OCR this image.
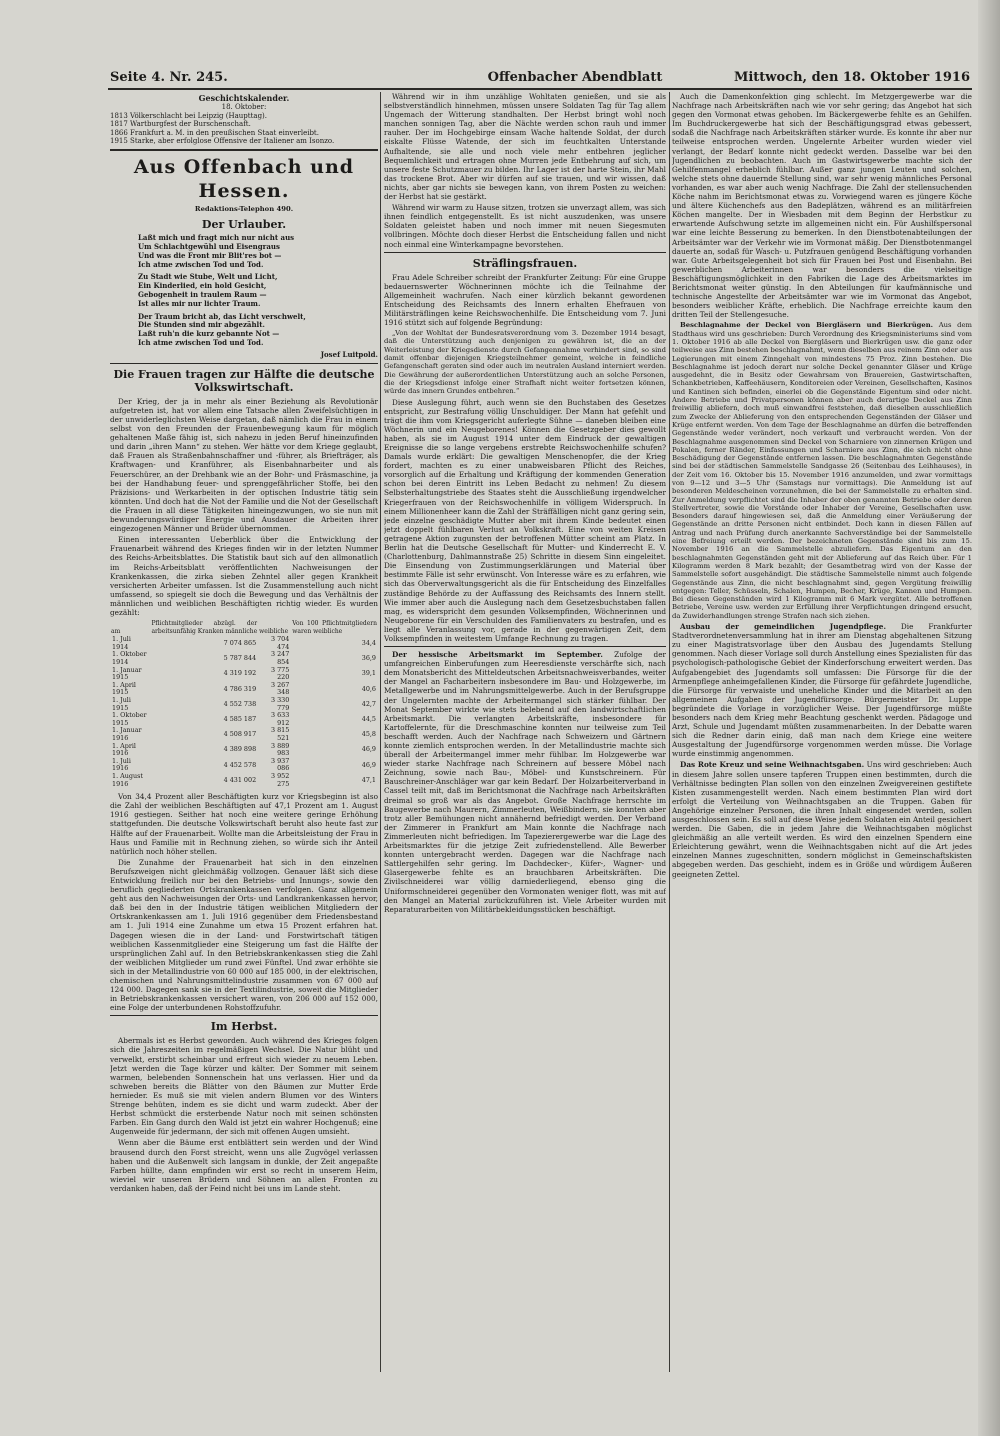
Seite 4. Nr. 245.	Offenbacher Abendblatt	Mittwoch, den 18. Oktober 1916
Geschichtskalender.
18. Oktober:
1813 Völkerschlacht bei Leipzig (Haupttag).
1817 Wartburgfest der Burschenschaft.
1866 Frankfurt a. M. in den preußischen Staat einverleibt.
1915 Starke, aber erfolglose Offensive der Italiener am Isonzo.
Aus Offenbach und Hessen.
Redaktions-Telephon 490.
Der Urlauber.
Laßt mich und fragt mich nur nicht aus
Um Schlachtgewühl und Eisengraus
Und was die Front mir Blit'res bot —
Ich atme zwischen Tod und Tod.
Zu Stadt wie Stube, Welt und Licht,
Ein Kinderlied, ein hold Gesicht,
Gebogenheit in traulem Raum —
Ist alles mir nur lichter Traum.
Der Traum bricht ab, das Licht verschwelt,
Die Stunden sind mir abgezählt.
Laßt ruh'n die kurz gebannte Not —
Ich atme zwischen Tod und Tod.
Josef Luitpold.
Die Frauen tragen zur Hälfte die deutsche Volkswirtschaft.

Der Krieg, der ja in mehr als einer Beziehung als Revolutionär aufgetreten ist, hat vor allem eine Tatsache allen Zweifelsüchtigen in der unwiderleglichsten Weise dargetan, daß nämlich die Frau in einem selbst von den Freunden der Frauenbewegung kaum für möglich gehaltenen Maße fähig ist, sich nahezu in jeden Beruf hineinzufinden und darin „ihren Mann“ zu stehen. Wer hätte vor dem Kriege geglaubt, daß Frauen als Straßenbahnschaffner und -führer, als Briefträger, als Kraftwagen- und Kranführer, als Eisenbahnarbeiter und als Feuerschürer, an der Drehbank wie an der Bohr- und Fräsmaschine, ja bei der Handhabung feuer- und sprenggefährlicher Stoffe, bei den Präzisions- und Werkarbeiten in der optischen Industrie tätig sein könnten. Und doch hat die Not der Familie und die Not der Gesellschaft die Frauen in all diese Tätigkeiten hineingezwungen, wo sie nun mit bewunderungswürdiger Energie und Ausdauer die Arbeiten ihrer eingezogenen Männer und Brüder übernommen.

Einen interessanten Ueberblick über die Entwicklung der Frauenarbeit während des Krieges finden wir in der letzten Nummer des Reichs-Arbeitsblattes. Die Statistik baut sich auf den allmonatlich im Reichs-Arbeitsblatt veröffentlichten Nachweisungen der Krankenkassen, die zirka sieben Zehntel aller gegen Krankheit versicherten Arbeiter umfassen. Ist die Zusammenstellung auch nicht umfassend, so spiegelt sie doch die Bewegung und das Verhältnis der männlichen und weiblichen Beschäftigten richtig wieder. Es wurden gezählt:

am	Pflichtmitglieder abzügl. der arbeitsunfähig Kranken männliche	weibliche	Von 100 Pflichtmitgliedern waren weibliche
1. Juli 1914	7 074 865	3 704 474	34,4
1. Oktober 1914	5 787 844	3 247 854	36,9
1. Januar 1915	4 319 192	3 775 220	39,1
1. April 1915	4 786 319	3 267 348	40,6
1. Juli 1915	4 552 738	3 330 779	42,7
1. Oktober 1915	4 585 187	3 633 912	44,5
1. Januar 1916	4 508 917	3 815 521	45,8
1. April 1916	4 389 898	3 889 983	46,9
1. Juli 1916	4 452 578	3 937 086	46,9
1. August 1916	4 431 002	3 952 275	47,1

Von 34,4 Prozent aller Beschäftigten kurz vor Kriegsbeginn ist also die Zahl der weiblichen Beschäftigten auf 47,1 Prozent am 1. August 1916 gestiegen. Seither hat noch eine weitere geringe Erhöhung stattgefunden. Die deutsche Volkswirtschaft beruht also heute fast zur Hälfte auf der Frauenarbeit. Wollte man die Arbeitsleistung der Frau in Haus und Familie mit in Rechnung ziehen, so würde sich ihr Anteil natürlich noch höher stellen.

Die Zunahme der Frauenarbeit hat sich in den einzelnen Berufszweigen nicht gleichmäßig vollzogen. Genauer läßt sich diese Entwicklung freilich nur bei den Betriebs- und Innungs-, sowie den beruflich gegliederten Ortskrankenkassen verfolgen. Ganz allgemein geht aus den Nachweisungen der Orts- und Landkrankenkassen hervor, daß bei den in der Industrie tätigen weiblichen Mitgliedern der Ortskrankenkassen am 1. Juli 1916 gegenüber dem Friedensbestand am 1. Juli 1914 eine Zunahme um etwa 15 Prozent erfahren hat. Dagegen wiesen die in der Land- und Forstwirtschaft tätigen weiblichen Kassenmitglieder eine Steigerung um fast die Hälfte der ursprünglichen Zahl auf. In den Betriebskrankenkassen stieg die Zahl der weiblichen Mitglieder um rund zwei Fünftel. Und zwar erhöhte sie sich in der Metallindustrie von 60 000 auf 185 000, in der elektrischen, chemischen und Nahrungsmittelindustrie zusammen von 67 000 auf 124 000. Dagegen sank sie in der Textilindustrie, soweit die Mitglieder in Betriebskrankenkassen versichert waren, von 206 000 auf 152 000, eine Folge der unterbundenen Rohstoffzufuhr.

Im Herbst.

Abermals ist es Herbst geworden. Auch während des Krieges folgen sich die Jahreszeiten im regelmäßigen Wechsel. Die Natur blüht und verwelkt, erstirbt scheinbar und erfreut sich wieder zu neuem Leben. Jetzt werden die Tage kürzer und kälter. Der Sommer mit seinem warmen, belebenden Sonnenschein hat uns verlassen. Hier und da schweben bereits die Blätter von den Bäumen zur Mutter Erde hernieder. Es muß sie mit vielen andern Blumen vor des Winters Strenge behüten, indem es sie dicht und warm zudeckt. Aber der Herbst schmückt die ersterbende Natur noch mit seinen schönsten Farben. Ein Gang durch den Wald ist jetzt ein wahrer Hochgenuß; eine Augenweide für jedermann, der sich mit offenen Augen umsieht.

Wenn aber die Bäume erst entblättert sein werden und der Wind brausend durch den Forst streicht, wenn uns alle Zugvögel verlassen haben und die Außenwelt sich langsam in dunkle, der Zeit angepaßte Farben hüllte, dann empfinden wir erst so recht in unserem Heim, wieviel wir unseren Brüdern und Söhnen an allen Fronten zu verdanken haben, daß der Feind nicht bei uns im Lande steht.

Während wir in ihm unzählige Wohltaten genießen, und sie als selbstverständlich hinnehmen, müssen unsere Soldaten Tag für Tag allem Ungemach der Witterung standhalten. Der Herbst bringt wohl noch manchen sonnigen Tag, aber die Nächte werden schon rauh und immer rauher. Der im Hochgebirge einsam Wache haltende Soldat, der durch eiskalte Flüsse Watende, der sich im feuchtkalten Unterstande Aufhaltende, sie alle und noch viele mehr entbehren jeglicher Bequemlichkeit und ertragen ohne Murren jede Entbehrung auf sich, um unsere feste Schutzmauer zu bilden. Ihr Lager ist der harte Stein, ihr Mahl das trockene Brot. Aber wir dürfen auf sie trauen, und wir wissen, daß nichts, aber gar nichts sie bewegen kann, von ihrem Posten zu weichen: der Herbst hat sie gestärkt.

Während wir warm zu Hause sitzen, trotzen sie unverzagt allem, was sich ihnen feindlich entgegenstellt. Es ist nicht auszudenken, was unsere Soldaten geleistet haben und noch immer mit neuen Siegesmuten vollbringen. Möchte doch dieser Herbst die Entscheidung fallen und nicht noch einmal eine Winterkampagne bevorstehen.

Sträflingsfrauen.

Frau Adele Schreiber schreibt der Frankfurter Zeitung: Für eine Gruppe bedauernswerter Wöchnerinnen möchte ich die Teilnahme der Allgemeinheit wachrufen. Nach einer kürzlich bekannt gewordenen Entscheidung des Reichsamts des Innern erhalten Ehefrauen von Militärsträflingen keine Reichswochenhilfe. Die Entscheidung vom 7. Juni 1916 stützt sich auf folgende Begründung:

„Von der Wohltat der Bundesratsverordnung vom 3. Dezember 1914 besagt, daß die Unterstützung auch denjenigen zu gewähren ist, die an der Weiterleistung der Kriegsdienste durch Gefangennahme verhindert sind, so sind damit offenbar diejenigen Kriegsteilnehmer gemeint, welche in feindliche Gefangenschaft geraten sind oder auch im neutralen Ausland interniert werden. Die Gewährung der außerordentlichen Unterstützung auch an solche Personen, die der Kriegsdienst infolge einer Strafhaft nicht weiter fortsetzen können, würde das innern Grundes entbehren.“

Diese Auslegung führt, auch wenn sie den Buchstaben des Gesetzes entspricht, zur Bestrafung völlig Unschuldiger. Der Mann hat gefehlt und trägt die ihm vom Kriegsgericht auferlegte Sühne — daneben bleiben eine Wöchnerin und ein Neugeborenes! Können die Gesetzgeber dies gewollt haben, als sie im August 1914 unter dem Eindruck der gewaltigen Ereignisse die so lange vergebens erstrebte Reichswochenhilfe schufen? Damals wurde erklärt: Die gewaltigen Menschenopfer, die der Krieg fordert, machten es zu einer unabweisbaren Pflicht des Reiches, vorsorglich auf die Erhaltung und Kräftigung der kommenden Generation schon bei deren Eintritt ins Leben Bedacht zu nehmen! Zu diesem Selbsterhaltungstriebe des Staates steht die Ausschließung irgendwelcher Kriegerfrauen von der Reichswochenhilfe in völligem Widerspruch. In einem Millionenheer kann die Zahl der Sträffälligen nicht ganz gering sein, jede einzelne geschädigte Mutter aber mit ihrem Kinde bedeutet einen jetzt doppelt fühlbaren Verlust an Volkskraft. Eine von weiten Kreisen getragene Aktion zugunsten der betroffenen Mütter scheint am Platz. In Berlin hat die Deutsche Gesellschaft für Mutter- und Kinderrecht E. V. (Charlottenburg, Dahlmannstraße 25) Schritte in diesem Sinn eingeleitet. Die Einsendung von Zustimmungserklärungen und Material über bestimmte Fälle ist sehr erwünscht. Von Interesse wäre es zu erfahren, wie sich das Oberverwaltungsgericht als die für Entscheidung des Einzelfalles zuständige Behörde zu der Auffassung des Reichsamts des Innern stellt. Wie immer aber auch die Auslegung nach dem Gesetzesbuchstaben fallen mag, es widerspricht dem gesunden Volksempfinden, Wöchnerinnen und Neugeborene für ein Verschulden des Familienvaters zu bestrafen, und es liegt alle Veranlassung vor, gerade in der gegenwärtigen Zeit, dem Volksempfinden in weitestem Umfange Rechnung zu tragen.

Der hessische Arbeitsmarkt im September. Zufolge der umfangreichen Einberufungen zum Heeresdienste verschärfte sich, nach dem Monatsbericht des Mitteldeutschen Arbeitsnachweisverbandes, weiter der Mangel an Facharbeitern insbesondere im Bau- und Holzgewerbe, im Metallgewerbe und im Nahrungsmittelgewerbe. Auch in der Berufsgruppe der Ungelernten machte der Arbeitermangel sich stärker fühlbar. Der Monat September wirkte wie stets belebend auf den landwirtschaftlichen Arbeitsmarkt. Die verlangten Arbeitskräfte, insbesondere für Kartoffelernte, für die Dreschmaschine konnten nur teilweise zum Teil beschafft werden. Auch der Nachfrage nach Schweizern und Gärtnern konnte ziemlich entsprochen werden. In der Metallindustrie machte sich überall der Arbeitermangel immer mehr fühlbar. Im Holzgewerbe war wieder starke Nachfrage nach Schreinern auf bessere Möbel nach Zeichnung, sowie nach Bau-, Möbel- und Kunstschreinern. Für Bauschreiner-Anschläger war gar kein Bedarf. Der Holzarbeiterverband in Cassel teilt mit, daß im Berichtsmonat die Nachfrage nach Arbeitskräften dreimal so groß war als das Angebot. Große Nachfrage herrschte im Baugewerbe nach Maurern, Zimmerleuten, Weißbindern, sie konnten aber trotz aller Bemühungen nicht annähernd befriedigt werden. Der Verband der Zimmerer in Frankfurt am Main konnte die Nachfrage nach Zimmerleuten nicht befriedigen. Im Tapezierergewerbe war die Lage des Arbeitsmarktes für die jetzige Zeit zufriedenstellend. Alle Bewerber konnten untergebracht werden. Dagegen war die Nachfrage nach Sattlergehilfen sehr gering. Im Dachdecker-, Küfer-, Wagner- und Glasergewerbe fehlte es an brauchbaren Arbeitskräften. Die Zivilschneiderei war völlig darniederliegend, ebenso ging die Uniformschneiderei gegenüber den Vormonaten weniger flott, was mit auf den Mangel an Material zurückzuführen ist. Viele Arbeiter wurden mit Reparaturarbeiten von Militärbekleidungsstücken beschäftigt.

Auch die Damenkonfektion ging schlecht. Im Metzgergewerbe war die Nachfrage nach Arbeitskräften nach wie vor sehr gering; das Angebot hat sich gegen den Vormonat etwas gehoben. Im Bäckergewerbe fehlte es an Gehilfen. Im Buchdruckergewerbe hat sich der Beschäftigungsgrad etwas gebessert, sodaß die Nachfrage nach Arbeitskräften stärker wurde. Es konnte ihr aber nur teilweise entsprochen werden. Ungelernte Arbeiter wurden wieder viel verlangt, der Bedarf konnte nicht gedeckt werden. Dasselbe war bei den Jugendlichen zu beobachten. Auch im Gastwirtsgewerbe machte sich der Gehilfenmangel erheblich fühlbar. Außer ganz jungen Leuten und solchen, welche stets ohne dauernde Stellung sind, war sehr wenig männliches Personal vorhanden, es war aber auch wenig Nachfrage. Die Zahl der stellensuchenden Köche nahm im Berichtsmonat etwas zu. Vorwiegend waren es jüngere Köche und ältere Küchenchefs aus den Badeplätzen, während es an militärfreien Köchen mangelte. Der in Wiesbaden mit dem Beginn der Herbstkur zu erwartende Aufschwung setzte im allgemeinen nicht ein. Für Aushilfspersonal war eine leichte Besserung zu bemerken. In den Dienstbotenabteilungen der Arbeitsämter war der Verkehr wie im Vormonat mäßig. Der Dienstbotenmangel dauerte an, sodaß für Wasch- u. Putzfrauen genügend Beschäftigung vorhanden war. Gute Arbeitsgelegenheit bot sich für Frauen bei Post und Eisenbahn. Bei gewerblichen Arbeiterinnen war besonders die vielseitige Beschäftigungsmöglichkeit in den Fabriken die Lage des Arbeitsmarktes im Berichtsmonat weiter günstig. In den Abteilungen für kaufmännische und technische Angestellte der Arbeitsämter war wie im Vormonat das Angebot, besonders weiblicher Kräfte, erheblich. Die Nachfrage erreichte kaum den dritten Teil der Stellengesuche.

Beschlagnahme der Deckel von Biergläsern und Bierkrügen. Aus dem Stadthaus wird uns geschrieben: Durch Verordnung des Kriegsministeriums sind vom 1. Oktober 1916 ab alle Deckel von Biergläsern und Bierkrügen usw. die ganz oder teilweise aus Zinn bestehen beschlagnahmt, wenn dieselben aus reinem Zinn oder aus Legierungen mit einem Zinngehalt von mindestens 75 Proz. Zinn bestehen. Die Beschlagnahme ist jedoch derart nur solche Deckel genannter Gläser und Krüge ausgedehnt, die in Besitz oder Gewahrsam von Brauereien, Gastwirtschaften, Schankbetrieben, Kaffeehäusern, Konditoreien oder Vereinen, Gesellschaften, Kasinos und Kantinen sich befinden, einerlei ob die Gegenstände Eigentum sind oder nicht. Andere Betriebe und Privatpersonen können aber auch derartige Deckel aus Zinn freiwillig abliefern, doch muß einwandfrei feststehen, daß dieselben ausschließlich zum Zwecke der Ablieferung von den entsprechenden Gegenständen der Gläser und Krüge entfernt werden. Von dem Tage der Beschlagnahme an dürfen die betreffenden Gegenstände weder verändert, noch verkauft und verbraucht werden. Von der Beschlagnahme ausgenommen sind Deckel von Scharniere von zinnernen Krügen und Pokalen, ferner Ränder, Einfassungen und Scharniere aus Zinn, die sich nicht ohne Beschädigung der Gegenstände entfernen lassen. Die beschlagnahmten Gegenstände sind bei der städtischen Sammelstelle Sandgasse 26 (Seitenbau des Leihhauses), in der Zeit vom 16. Oktober bis 15. November 1916 anzumelden, und zwar vormittags von 9—12 und 3—5 Uhr (Samstags nur vormittags). Die Anmeldung ist auf besonderen Meldescheinen vorzunehmen, die bei der Sammelstelle zu erhalten sind. Zur Anmeldung verpflichtet sind die Inhaber der oben genannten Betriebe oder deren Stellvertreter, sowie die Vorstände oder Inhaber der Vereine, Gesellschaften usw. Besonders darauf hingewiesen sei, daß die Anmeldung einer Veräußerung der Gegenstände an dritte Personen nicht entbindet. Doch kann in diesen Fällen auf Antrag und nach Prüfung durch anerkannte Sachverständige bei der Sammelstelle eine Befreiung erteilt werden. Der bezeichneten Gegenstände sind bis zum 15. November 1916 an die Sammelstelle abzuliefern. Das Eigentum an den beschlagnahmten Gegenständen geht mit der Ablieferung auf das Reich über. Für 1 Kilogramm werden 8 Mark bezahlt; der Gesamtbetrag wird von der Kasse der Sammelstelle sofort ausgehändigt. Die städtische Sammelstelle nimmt auch folgende Gegenstände aus Zinn, die nicht beschlagnahmt sind, gegen Vergütung freiwillig entgegen: Teller, Schüsseln, Schalen, Humpen, Becher, Krüge, Kannen und Humpen. Bei diesen Gegenständen wird 1 Kilogramm mit 6 Mark vergütet. Alle betroffenen Betriebe, Vereine usw. werden zur Erfüllung ihrer Verpflichtungen dringend ersucht, da Zuwiderhandlungen strenge Strafen nach sich ziehen.

Ausbau der gemeindlichen Jugendpflege. Die Frankfurter Stadtverordnetenversammlung hat in ihrer am Dienstag abgehaltenen Sitzung zu einer Magistratsvorlage über den Ausbau des Jugendamts Stellung genommen. Nach dieser Vorlage soll durch Anstellung eines Spezialisten für das psychologisch-pathologische Gebiet der Kinderforschung erweitert werden. Das Aufgabengebiet des Jugendamts soll umfassen: Die Fürsorge für die der Armenpflege anheimgefallenen Kinder, die Fürsorge für gefährdete Jugendliche, die Fürsorge für verwaiste und uneheliche Kinder und die Mitarbeit an den allgemeinen Aufgaben der Jugendfürsorge. Bürgermeister Dr. Luppe begründete die Vorlage in vorzüglicher Weise. Der Jugendfürsorge müßte besonders nach dem Krieg mehr Beachtung geschenkt werden. Pädagoge und Arzt, Schule und Jugendamt müßten zusammenarbeiten. In der Debatte waren sich die Redner darin einig, daß man nach dem Kriege eine weitere Ausgestaltung der Jugendfürsorge vorgenommen werden müsse. Die Vorlage wurde einstimmig angenommen.

Das Rote Kreuz und seine Weihnachtsgaben. Uns wird geschrieben: Auch in diesem Jahre sollen unsere tapferen Truppen einen bestimmten, durch die Verhältnisse bedingten Plan sollen von den einzelnen Zweigvereinen gestiftete Kisten zusammengestellt werden. Nach einem bestimmten Plan wird dort erfolgt die Verteilung von Weihnachtsgaben an die Truppen. Gaben für Angehörige einzelner Personen, die ihren Inhalt eingesendet werden, sollen ausgeschlossen sein. Es soll auf diese Weise jedem Soldaten ein Anteil gesichert werden. Die Gaben, die in jedem Jahre die Weihnachtsgaben möglichst gleichmäßig an alle verteilt werden. Es wird den einzelnen Spendern eine Erleichterung gewährt, wenn die Weihnachtsgaben nicht auf die Art jedes einzelnen Mannes zugeschnitten, sondern möglichst in Gemeinschaftskisten abgegeben werden. Das geschieht, indem es in Größe und würdigem Äußeren geeigneten Zettel.
